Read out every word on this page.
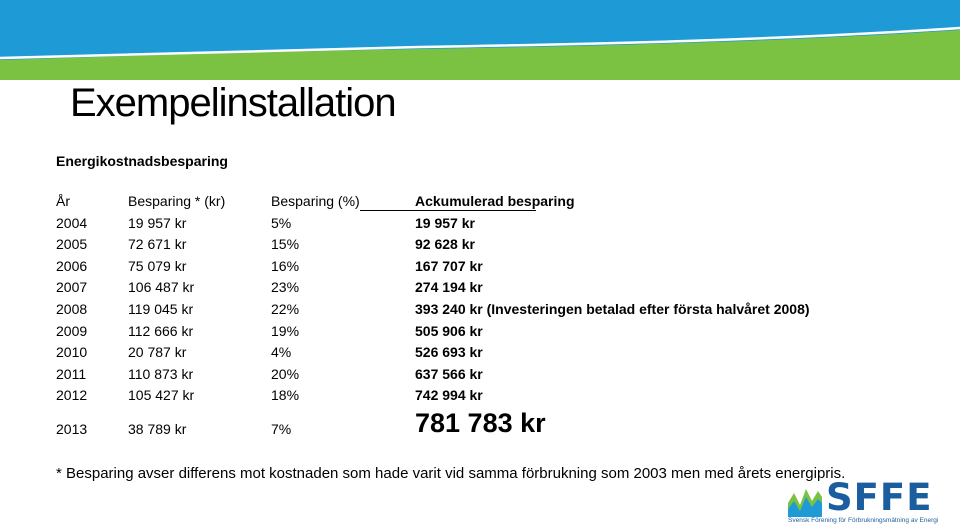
Exempelinstallation
Energikostnadsbesparing
År	Besparing * (kr)	Besparing (%)	Ackumulerad besparing
2004	19 957 kr	5%	19 957 kr
2005	72 671 kr	15%	92 628 kr
2006	75 079 kr	16%	167 707 kr
2007	106 487 kr	23%	274 194 kr
2008	119 045 kr	22%	393 240 kr (Investeringen betalad efter första halvåret 2008)
2009	112 666 kr	19%	505 906 kr
2010	20 787 kr	4%	526 693 kr
2011	110 873 kr	20%	637 566 kr
2012	105 427 kr	18%	742 994 kr
2013	38 789 kr	7%	781 783 kr
* Besparing avser differens mot kostnaden som hade varit vid samma förbrukning som 2003 men med årets energipris.
SFFE
Svensk Förening för Förbrukningsmätning av Energi
